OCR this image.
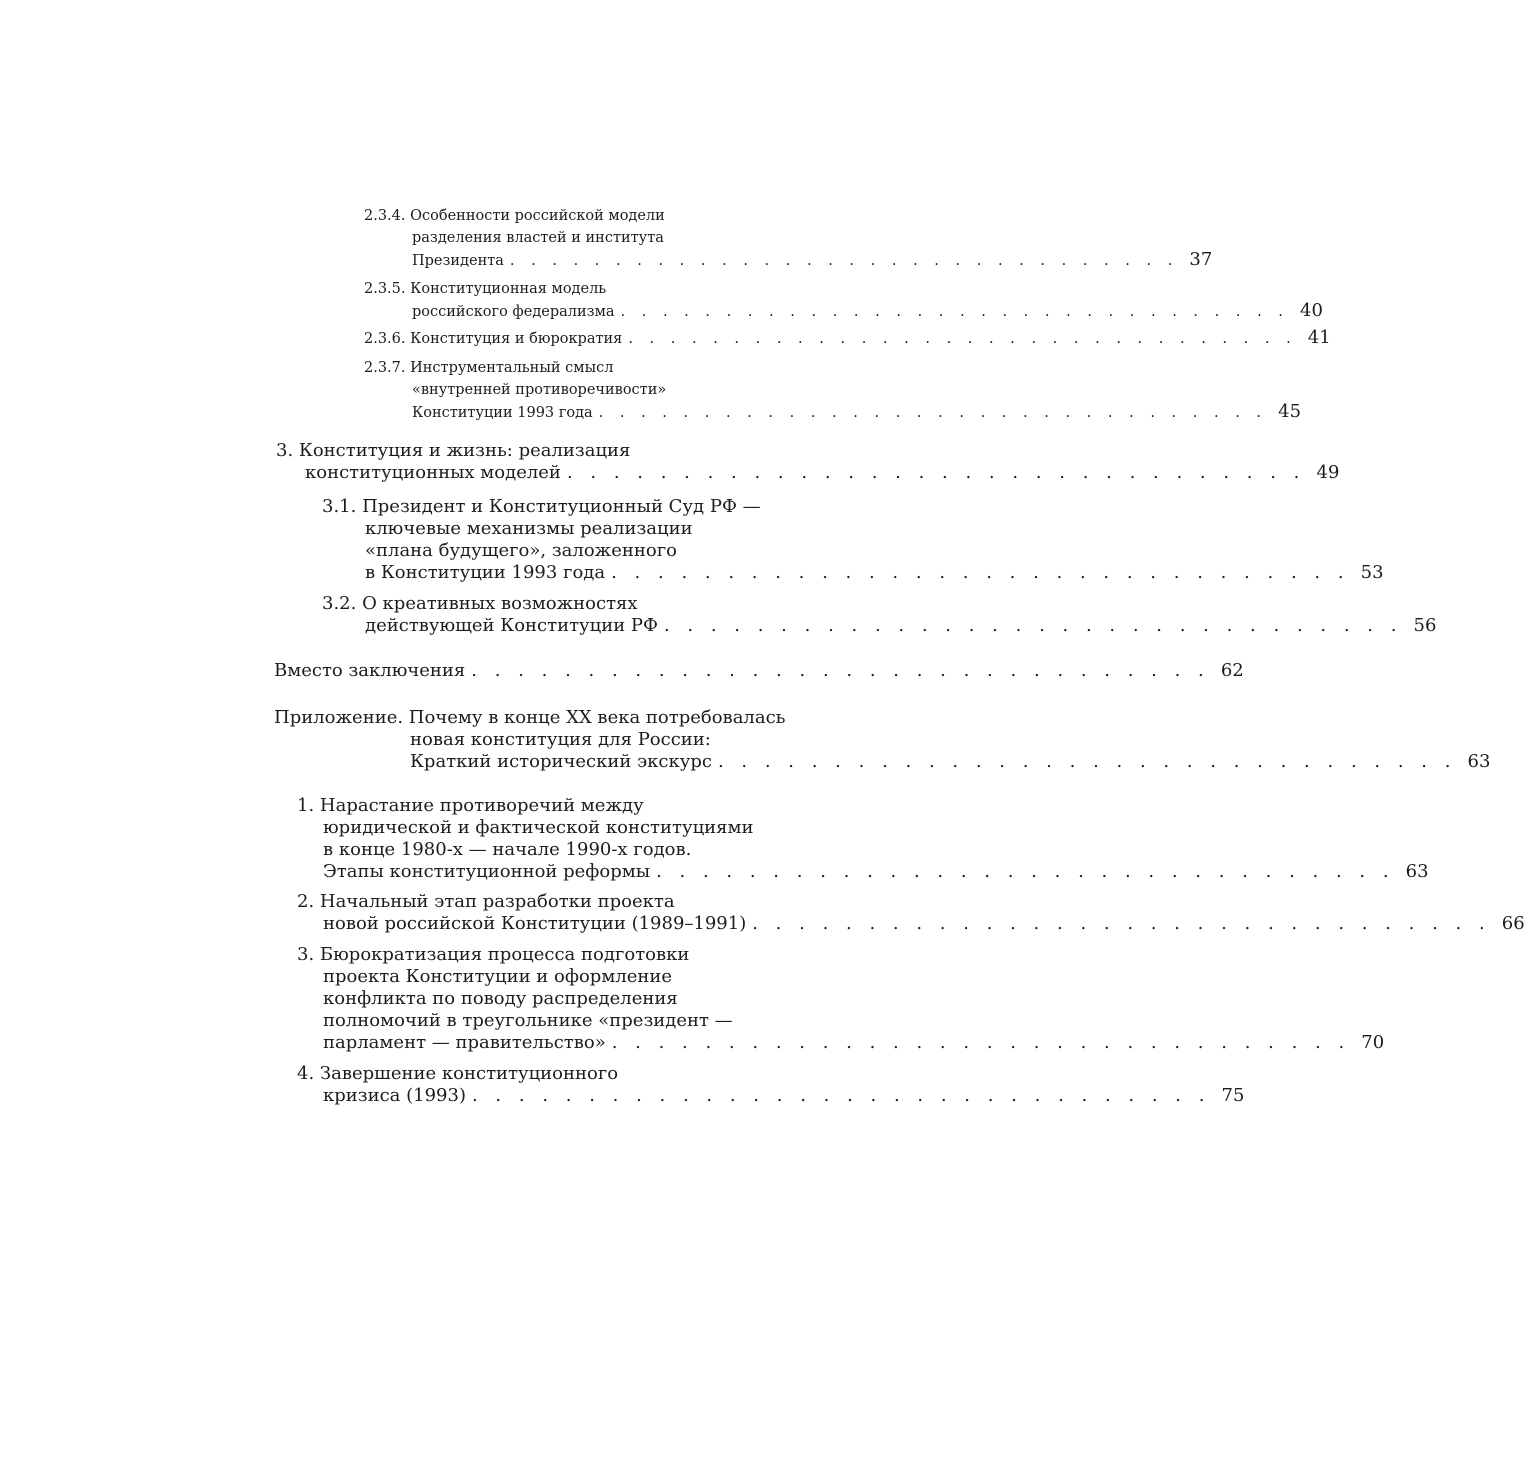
2.3.4. Особенности российской модели
разделения властей и института
Президента . . . . . . . . . . . . . . . . . . . . . . . . . . . . . . . . 37
2.3.5. Конституционная модель
российского федерализма . . . . . . . . . . . . . . . . . . . . . . . . . . . . . . . . 40
2.3.6. Конституция и бюрократия . . . . . . . . . . . . . . . . . . . . . . . . . . . . . . . . 41
2.3.7. Инструментальный смысл
«внутренней противоречивости»
Конституции 1993 года . . . . . . . . . . . . . . . . . . . . . . . . . . . . . . . . 45
3. Конституция и жизнь: реализация
конституционных моделей . . . . . . . . . . . . . . . . . . . . . . . . . . . . . . . . 49
3.1. Президент и Конституционный Суд РФ —
ключевые механизмы реализации
«плана будущего», заложенного
в Конституции 1993 года . . . . . . . . . . . . . . . . . . . . . . . . . . . . . . . . 53
3.2. О креативных возможностях
действующей Конституции РФ . . . . . . . . . . . . . . . . . . . . . . . . . . . . . . . . 56
Вместо заключения . . . . . . . . . . . . . . . . . . . . . . . . . . . . . . . . 62
Приложение. Почему в конце XX века потребовалась
новая конституция для России:
Краткий исторический экскурс . . . . . . . . . . . . . . . . . . . . . . . . . . . . . . . . 63
1. Нарастание противоречий между
юридической и фактической конституциями
в конце 1980-х — начале 1990-х годов.
Этапы конституционной реформы . . . . . . . . . . . . . . . . . . . . . . . . . . . . . . . . 63
2. Начальный этап разработки проекта
новой российской Конституции (1989–1991) . . . . . . . . . . . . . . . . . . . . . . . . . . . . . . . . 66
3. Бюрократизация процесса подготовки
проекта Конституции и оформление
конфликта по поводу распределения
полномочий в треугольнике «президент —
парламент — правительство» . . . . . . . . . . . . . . . . . . . . . . . . . . . . . . . . 70
4. Завершение конституционного
кризиса (1993) . . . . . . . . . . . . . . . . . . . . . . . . . . . . . . . . 75
